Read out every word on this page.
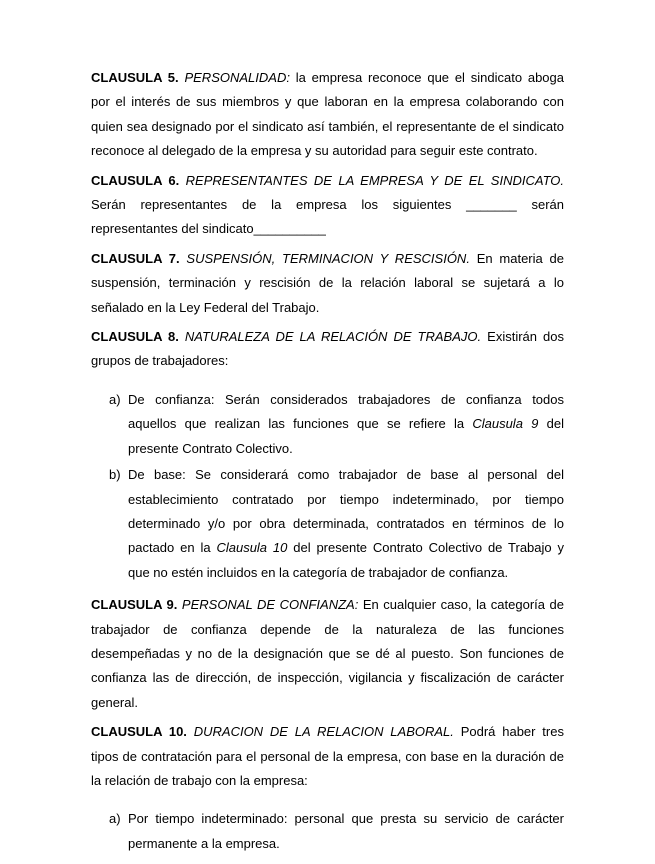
CLAUSULA 5. PERSONALIDAD: la empresa reconoce que el sindicato aboga por el interés de sus miembros y que laboran en la empresa colaborando con quien sea designado por el sindicato así también, el representante de el sindicato reconoce al delegado de la empresa y su autoridad para seguir este contrato.

CLAUSULA 6. REPRESENTANTES DE LA EMPRESA Y DE EL SINDICATO. Serán representantes de la empresa los siguientes _______ serán representantes del sindicato__________

CLAUSULA 7. SUSPENSIÓN, TERMINACION Y RESCISIÓN. En materia de suspensión, terminación y rescisión de la relación laboral se sujetará a lo señalado en la Ley Federal del Trabajo.

CLAUSULA 8. NATURALEZA DE LA RELACIÓN DE TRABAJO. Existirán dos grupos de trabajadores:

a) De confianza: Serán considerados trabajadores de confianza todos aquellos que realizan las funciones que se refiere la Clausula 9 del presente Contrato Colectivo.
b) De base: Se considerará como trabajador de base al personal del establecimiento contratado por tiempo indeterminado, por tiempo determinado y/o por obra determinada, contratados en términos de lo pactado en la Clausula 10 del presente Contrato Colectivo de Trabajo y que no estén incluidos en la categoría de trabajador de confianza.

CLAUSULA 9. PERSONAL DE CONFIANZA: En cualquier caso, la categoría de trabajador de confianza depende de la naturaleza de las funciones desempeñadas y no de la designación que se dé al puesto. Son funciones de confianza las de dirección, de inspección, vigilancia y fiscalización de carácter general.

CLAUSULA 10. DURACION DE LA RELACION LABORAL. Podrá haber tres tipos de contratación para el personal de la empresa, con base en la duración de la relación de trabajo con la empresa:

a) Por tiempo indeterminado: personal que presta su servicio de carácter permanente a la empresa.
